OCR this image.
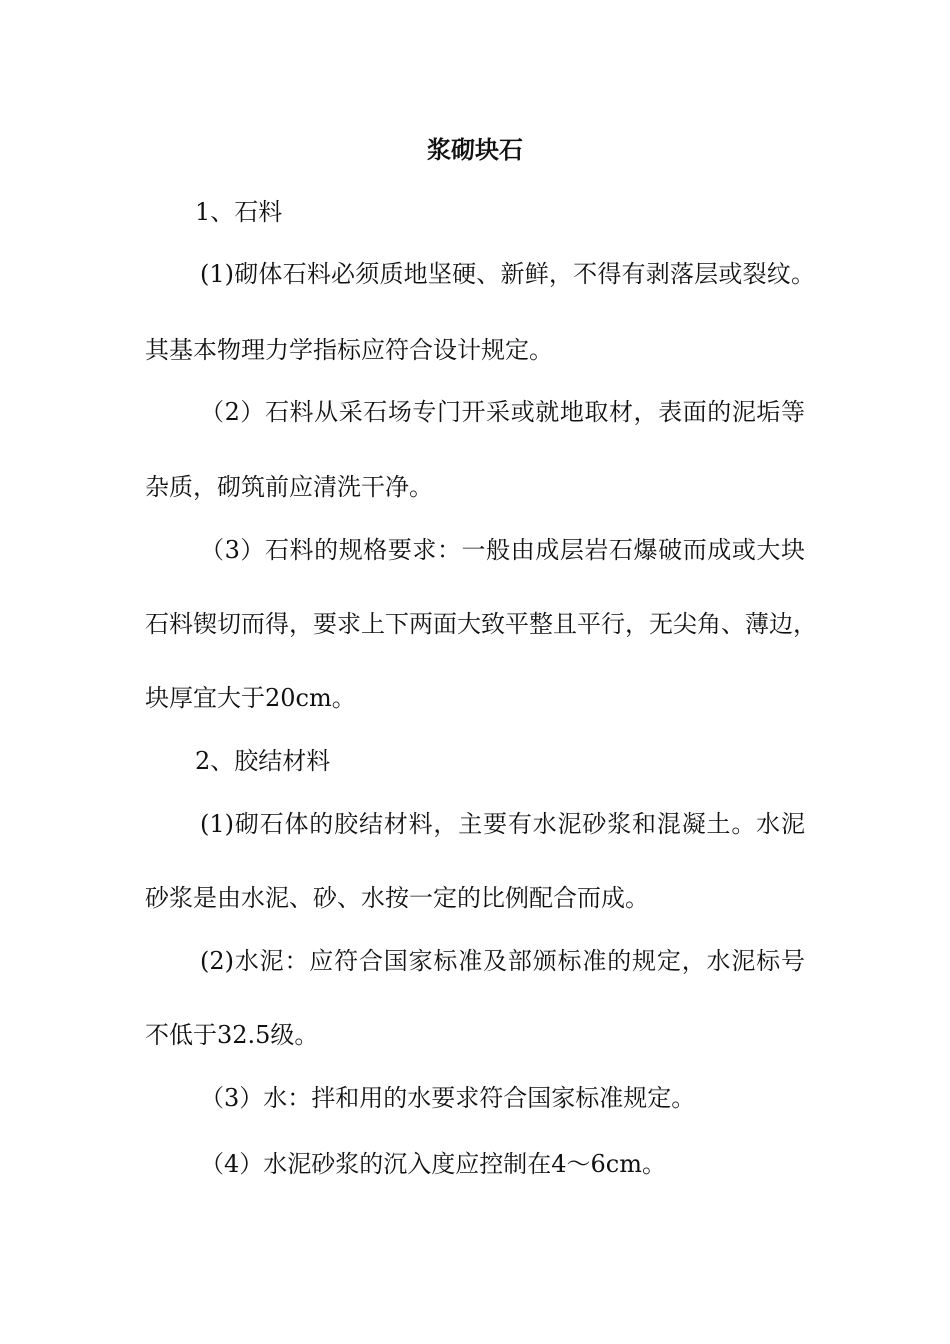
浆砌块石
1、石料
(1)砌体石料必须质地坚硬、新鲜，不得有剥落层或裂纹。
其基本物理力学指标应符合设计规定。
（2）石料从采石场专门开采或就地取材，表面的泥垢等
杂质，砌筑前应清洗干净。
（3）石料的规格要求：一般由成层岩石爆破而成或大块
石料锲切而得，要求上下两面大致平整且平行，无尖角、薄边，
块厚宜大于20cm。
2、胶结材料
(1)砌石体的胶结材料，主要有水泥砂浆和混凝土。水泥
砂浆是由水泥、砂、水按一定的比例配合而成。
(2)水泥：应符合国家标准及部颁标准的规定，水泥标号
不低于32.5级。
（3）水：拌和用的水要求符合国家标准规定。
（4）水泥砂浆的沉入度应控制在4～6cm。
